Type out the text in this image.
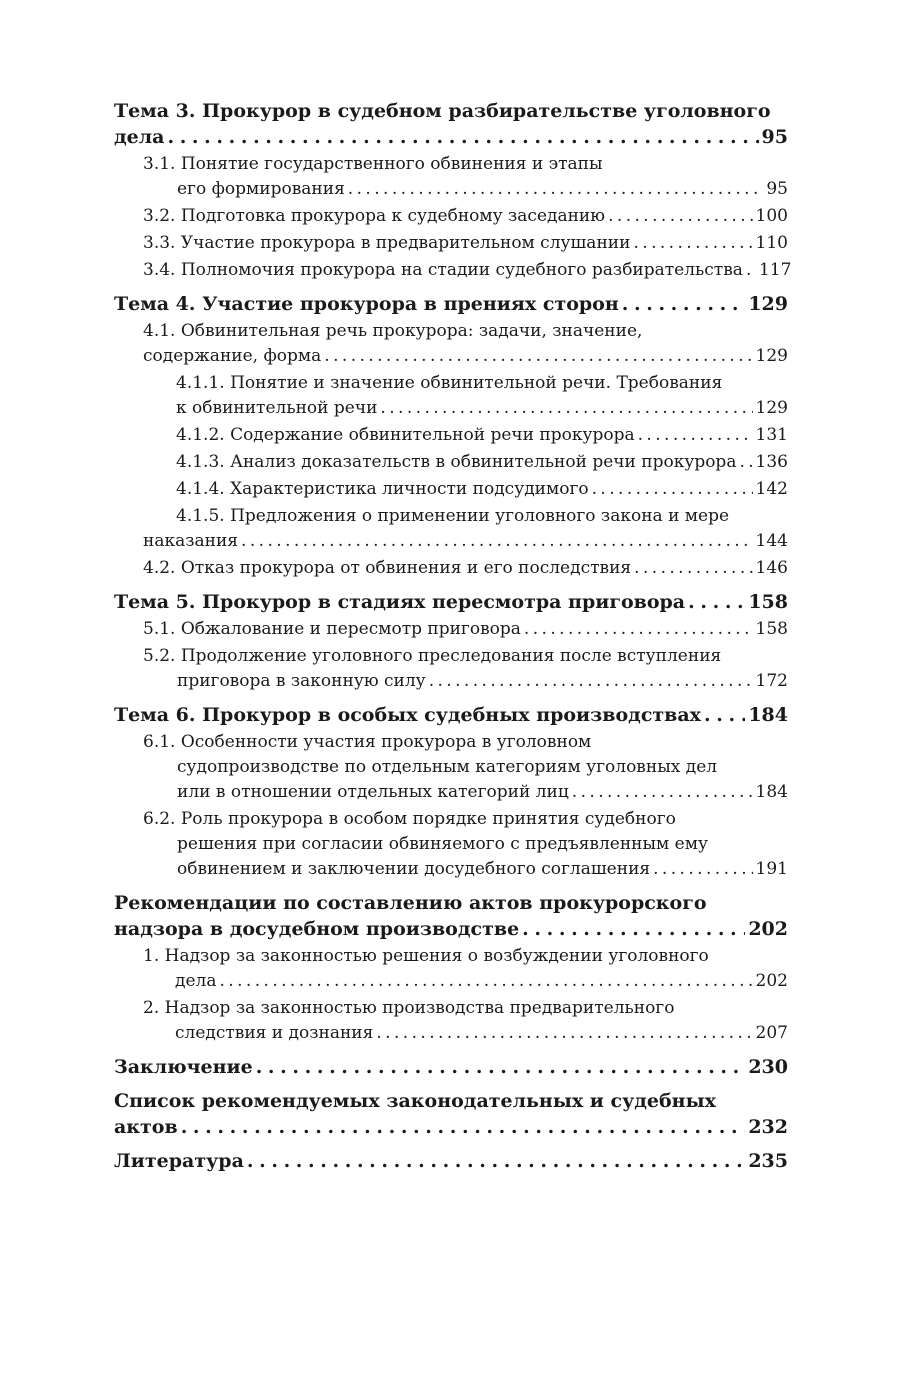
Тема 3. Прокурор в судебном разбирательстве уголовного
дела . . .	95
3.1. Понятие государственного обвинения и этапы
его формирования . . .	95
3.2. Подготовка прокурора к судебному заседанию . . .	100
3.3. Участие прокурора в предварительном слушании . . .	110
3.4. Полномочия прокурора на стадии судебного разбирательства . . . 117
Тема 4. Участие прокурора в прениях сторон . . .	129
4.1. Обвинительная речь прокурора: задачи, значение,
содержание, форма . . .	129
4.1.1. Понятие и значение обвинительной речи. Требования
к обвинительной речи . . .	129
4.1.2. Содержание обвинительной речи прокурора . . .	131
4.1.3. Анализ доказательств в обвинительной речи прокурора . . . 136
4.1.4. Характеристика личности подсудимого . . .	142
4.1.5. Предложения о применении уголовного закона и мере
наказания . . .	144
4.2. Отказ прокурора от обвинения и его последствия . . .	146
Тема 5. Прокурор в стадиях пересмотра приговора . . .	158
5.1. Обжалование и пересмотр приговора . . .	158
5.2. Продолжение уголовного преследования после вступления
приговора в законную силу . . .	172
Тема 6. Прокурор в особых судебных производствах . . . 184
6.1. Особенности участия прокурора в уголовном
судопроизводстве по отдельным категориям уголовных дел
или в отношении отдельных категорий лиц . . .	184
6.2. Роль прокурора в особом порядке принятия судебного
решения при согласии обвиняемого с предъявленным ему
обвинением и заключении досудебного соглашения . . .	191
Рекомендации по составлению актов прокурорского
надзора в досудебном производстве . . .	202
1. Надзор за законностью решения о возбуждении уголовного
дела . . .	202
2. Надзор за законностью производства предварительного
следствия и дознания . . .	207
Заключение . . .	230
Список рекомендуемых законодательных и судебных
актов . . .	232
Литература . . .	235
